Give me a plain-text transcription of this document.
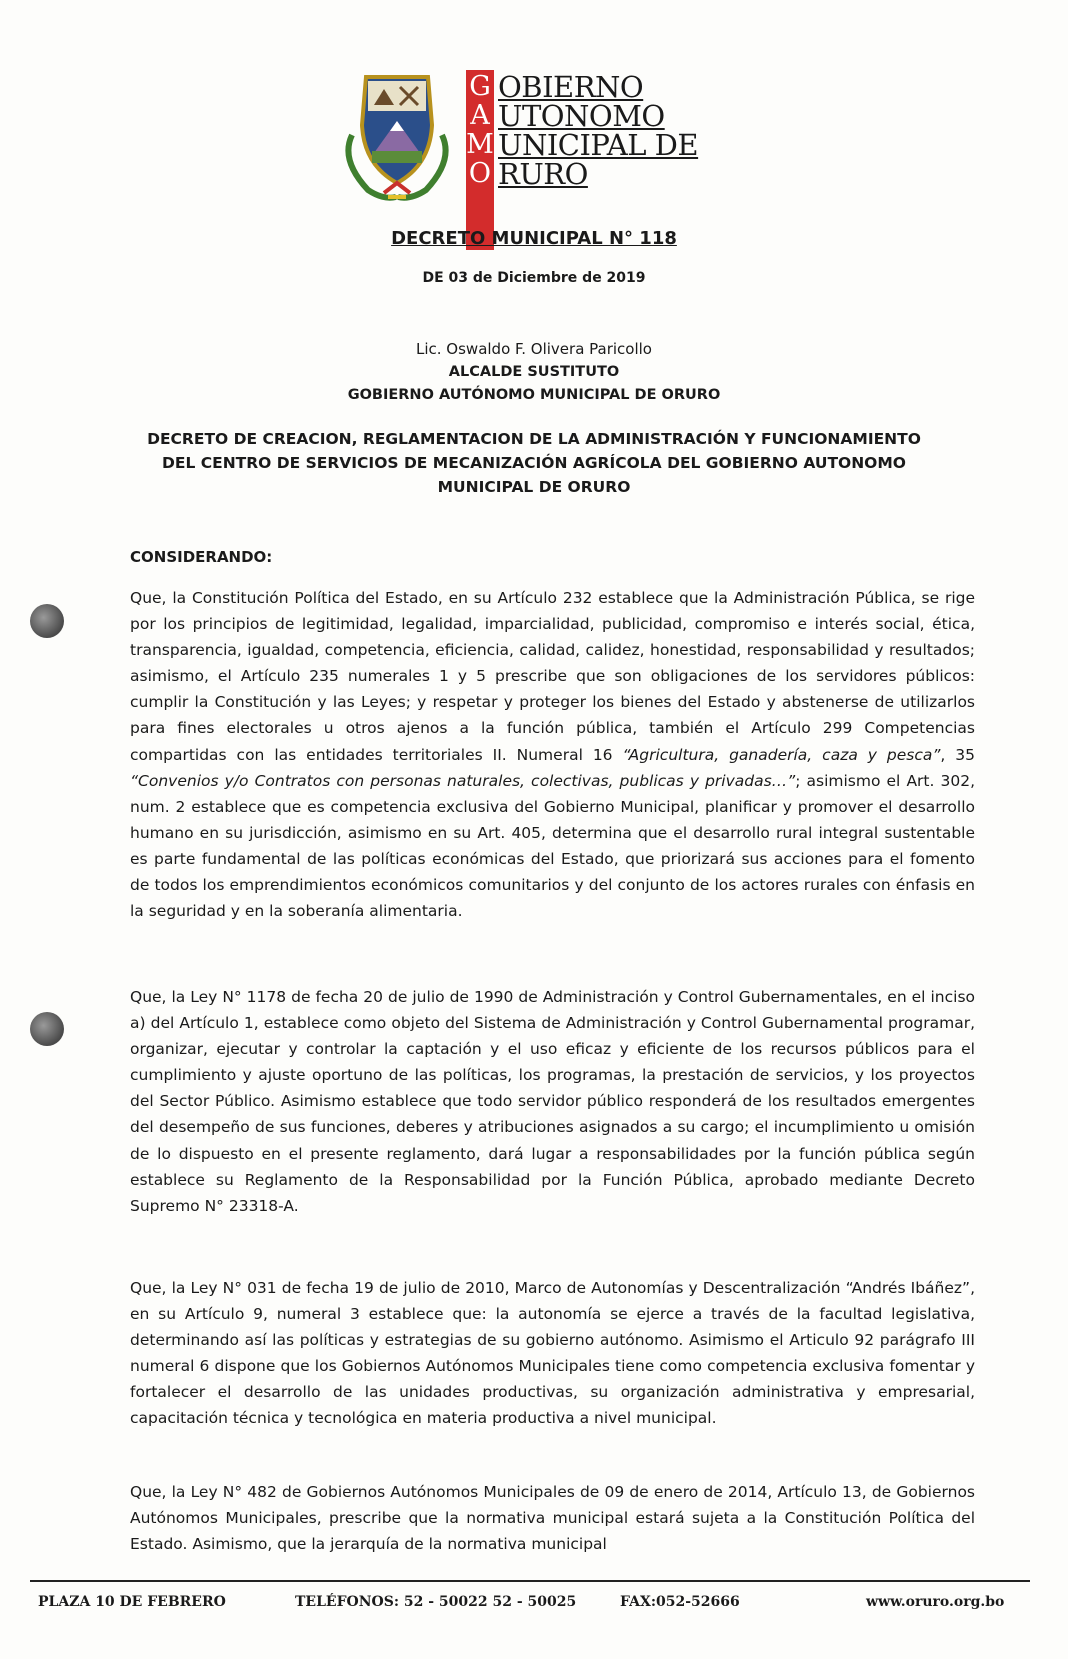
G OBIERNO
A UTONOMO
M UNICIPAL DE
O RURO
DECRETO MUNICIPAL N° 118
DE 03 de Diciembre de 2019
Lic. Oswaldo F. Olivera Paricollo
ALCALDE SUSTITUTO
GOBIERNO AUTÓNOMO MUNICIPAL DE ORURO
DECRETO DE CREACION, REGLAMENTACION DE LA ADMINISTRACIÓN Y FUNCIONAMIENTO
DEL CENTRO DE SERVICIOS DE MECANIZACIÓN AGRÍCOLA DEL GOBIERNO AUTONOMO
MUNICIPAL DE ORURO
CONSIDERANDO:

Que, la Constitución Política del Estado, en su Artículo 232 establece que la Administración Pública, se rige por los principios de legitimidad, legalidad, imparcialidad, publicidad, compromiso e interés social, ética, transparencia, igualdad, competencia, eficiencia, calidad, calidez, honestidad, responsabilidad y resultados; asimismo, el Artículo 235 numerales 1 y 5 prescribe que son obligaciones de los servidores públicos: cumplir la Constitución y las Leyes; y respetar y proteger los bienes del Estado y abstenerse de utilizarlos para fines electorales u otros ajenos a la función pública, también el Artículo 299 Competencias compartidas con las entidades territoriales II. Numeral 16 “Agricultura, ganadería, caza y pesca”, 35 “Convenios y/o Contratos con personas naturales, colectivas, publicas y privadas…”; asimismo el Art. 302, num. 2 establece que es competencia exclusiva del Gobierno Municipal, planificar y promover el desarrollo humano en su jurisdicción, asimismo en su Art. 405, determina que el desarrollo rural integral sustentable es parte fundamental de las políticas económicas del Estado, que priorizará sus acciones para el fomento de todos los emprendimientos económicos comunitarios y del conjunto de los actores rurales con énfasis en la seguridad y en la soberanía alimentaria.

Que, la Ley N° 1178 de fecha 20 de julio de 1990 de Administración y Control Gubernamentales, en el inciso a) del Artículo 1, establece como objeto del Sistema de Administración y Control Gubernamental programar, organizar, ejecutar y controlar la captación y el uso eficaz y eficiente de los recursos públicos para el cumplimiento y ajuste oportuno de las políticas, los programas, la prestación de servicios, y los proyectos del Sector Público. Asimismo establece que todo servidor público responderá de los resultados emergentes del desempeño de sus funciones, deberes y atribuciones asignados a su cargo; el incumplimiento u omisión de lo dispuesto en el presente reglamento, dará lugar a responsabilidades por la función pública según establece su Reglamento de la Responsabilidad por la Función Pública, aprobado mediante Decreto Supremo N° 23318-A.

Que, la Ley N° 031 de fecha 19 de julio de 2010, Marco de Autonomías y Descentralización “Andrés Ibáñez”, en su Artículo 9, numeral 3 establece que: la autonomía se ejerce a través de la facultad legislativa, determinando así las políticas y estrategias de su gobierno autónomo. Asimismo el Articulo 92 parágrafo III numeral 6 dispone que los Gobiernos Autónomos Municipales tiene como competencia exclusiva fomentar y fortalecer el desarrollo de las unidades productivas, su organización administrativa y empresarial, capacitación técnica y tecnológica en materia productiva a nivel municipal.

Que, la Ley N° 482 de Gobiernos Autónomos Municipales de 09 de enero de 2014, Artículo 13, de Gobiernos Autónomos Municipales, prescribe que la normativa municipal estará sujeta a la Constitución Política del Estado. Asimismo, que la jerarquía de la normativa municipal

PLAZA 10 DE FEBRERO	TELÉFONOS: 52 - 50022 52 - 50025	FAX:052-52666	www.oruro.org.bo
